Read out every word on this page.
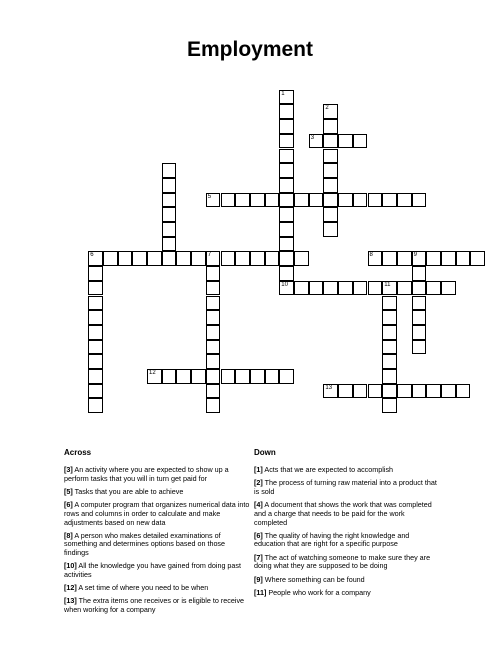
Employment
1
10
2
3
5
6	7	8	9
11
12
13
Across
[3] An activity where you are expected to show up a perform tasks that you will in turn get paid for
[5] Tasks that you are able to achieve
[6] A computer program that organizes numerical data into rows and columns in order to calculate and make adjustments based on new data
[8] A person who makes detailed examinations of something and determines options based on those findings
[10] All the knowledge you have gained from doing past activities
[12] A set time of where you need to be when
[13] The extra items one receives or is eligible to receive when working for a company
Down
[1] Acts that we are expected to accomplish
[2] The process of turning raw material into a product that is sold
[4] A document that shows the work that was completed and a charge that needs to be paid for the work completed
[6] The quality of having the right knowledge and education that are right for a specific purpose
[7] The act of watching someone to make sure they are doing what they are supposed to be doing
[9] Where something can be found
[11] People who work for a company
